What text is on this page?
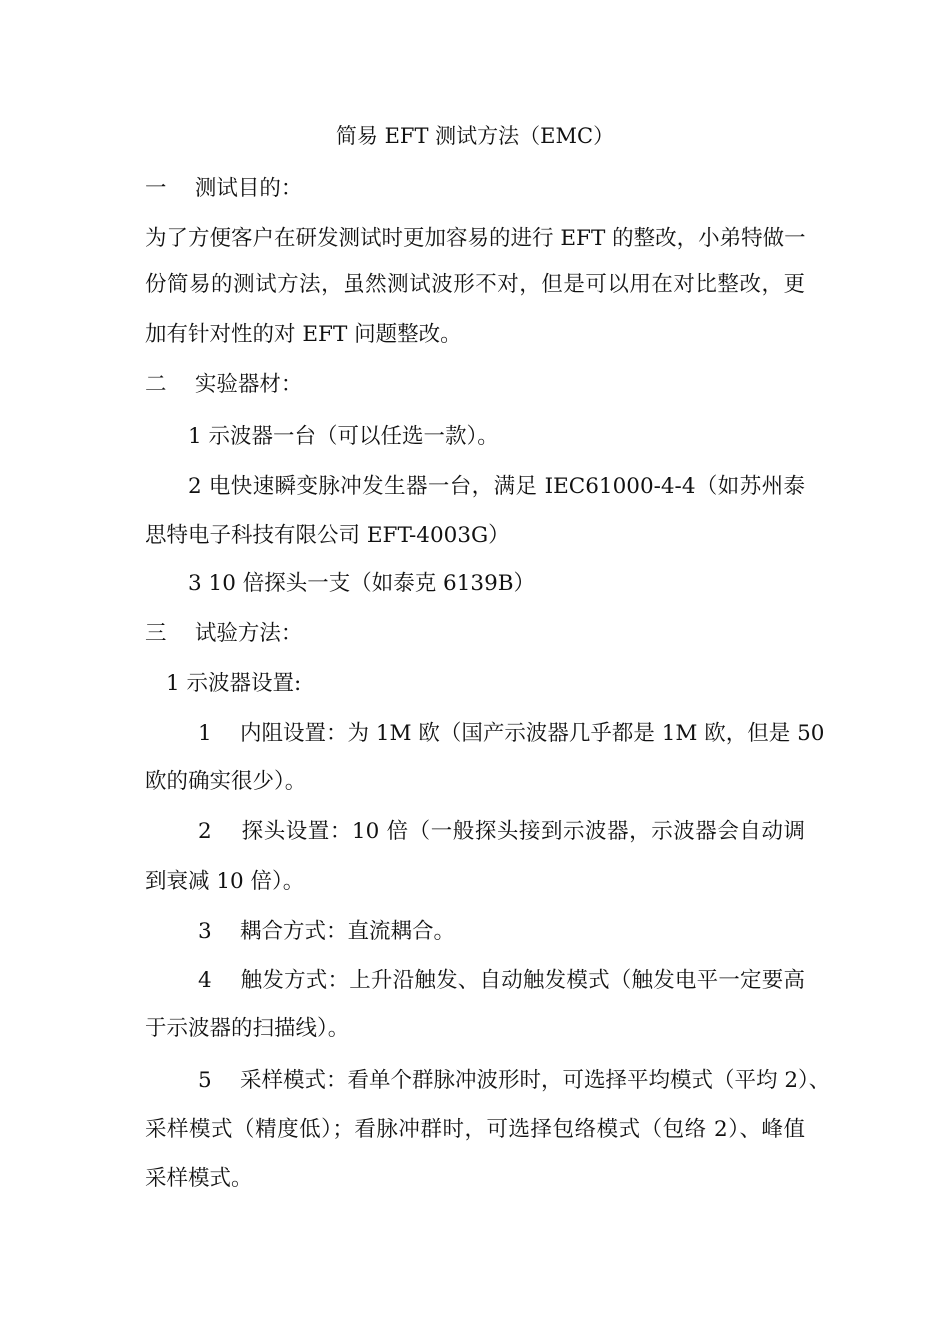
简易 EFT 测试方法（EMC）
一　 测试目的：
为了方便客户在研发测试时更加容易的进行 EFT 的整改，小弟特做一
份简易的测试方法，虽然测试波形不对，但是可以用在对比整改，更
加有针对性的对 EFT 问题整改。
二　 实验器材：
1 示波器一台（可以任选一款）。
2 电快速瞬变脉冲发生器一台，满足 IEC61000-4-4（如苏州泰
思特电子科技有限公司 EFT-4003G）
3 10 倍探头一支（如泰克 6139B）
三　 试验方法：
1 示波器设置:
1　 内阻设置：为 1M 欧（国产示波器几乎都是 1M 欧，但是 50
欧的确实很少）。
2　 探头设置：10 倍（一般探头接到示波器，示波器会自动调
到衰减 10 倍）。
3　 耦合方式：直流耦合。
4　 触发方式：上升沿触发、自动触发模式（触发电平一定要高
于示波器的扫描线）。
5　 采样模式：看单个群脉冲波形时，可选择平均模式（平均 2）、
采样模式（精度低）；看脉冲群时，可选择包络模式（包络 2）、峰值
采样模式。
